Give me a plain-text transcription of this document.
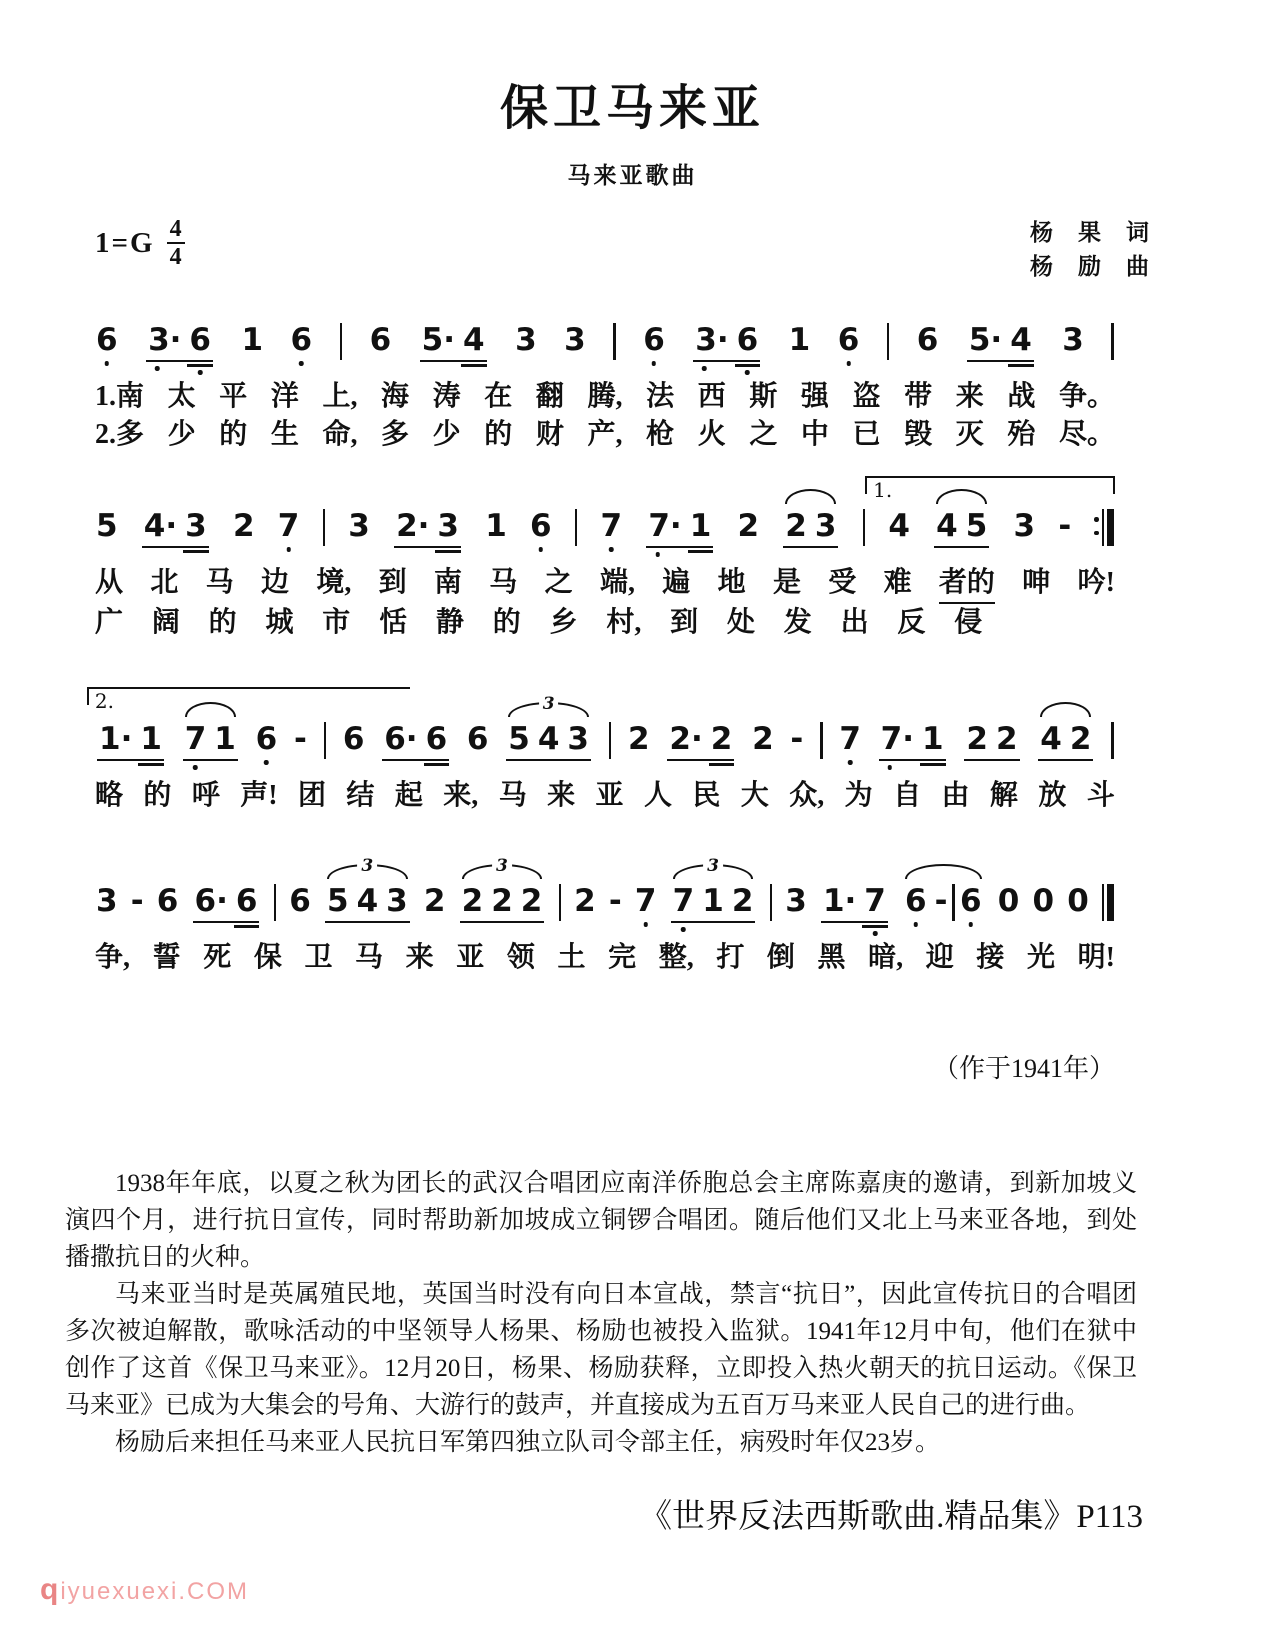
保卫马来亚
马来亚歌曲
$1=G \frac{4}{4}$	杨　果　词
杨　励　曲
6 3· 6 1 6 6 5· 4 3 3 6 3· 6 1 6 6 5· 4 3
1.南 太 平 洋 上, 海 涛 在 翻 腾, 法 西 斯 强 盗 带 来 战 争。
2.多 少 的 生 命, 多 少 的 财 产, 枪 火 之 中 已 毁 灭 殆 尽。
1.
5 4· 3 2 7 3 2· 3 1 6 7 7· 1 2 2 3 4 4 5 3 -
从 北 马 边 境, 到 南 马 之 端, 遍 地 是 受 难 者的 呻 吟!
广 阔 的 城 市 恬 静 的 乡 村, 到 处 发 出 反 侵
2.
1· 1 7 1 6 - 6 6· 6 6 5 4 3
3
2 2· 2 2 - 7 7· 1 2 2 4 2
略 的 呼 声! 团 结 起 来, 马 来 亚 人 民 大 众, 为 自 由 解 放 斗
3 - 6 6· 6 6 5 4 3
3
2 2 2 2
3
2 - 7 7 1 2
3
3 1· 7 6 - 6 0 0 0
争, 誓 死 保 卫 马 来 亚 领 土 完 整, 打 倒 黑 暗, 迎 接 光 明!
（作于1941年）

1938年年底，以夏之秋为团长的武汉合唱团应南洋侨胞总会主席陈嘉庚的邀请，到新加坡义演四个月，进行抗日宣传，同时帮助新加坡成立铜锣合唱团。随后他们又北上马来亚各地，到处播撒抗日的火种。

马来亚当时是英属殖民地，英国当时没有向日本宣战，禁言“抗日”，因此宣传抗日的合唱团多次被迫解散，歌咏活动的中坚领导人杨果、杨励也被投入监狱。1941年12月中旬，他们在狱中创作了这首《保卫马来亚》。12月20日，杨果、杨励获释，立即投入热火朝天的抗日运动。《保卫马来亚》已成为大集会的号角、大游行的鼓声，并直接成为五百万马来亚人民自己的进行曲。

杨励后来担任马来亚人民抗日军第四独立队司令部主任，病殁时年仅23岁。

《世界反法西斯歌曲.精品集》P113
qiyuexuexi.COM
